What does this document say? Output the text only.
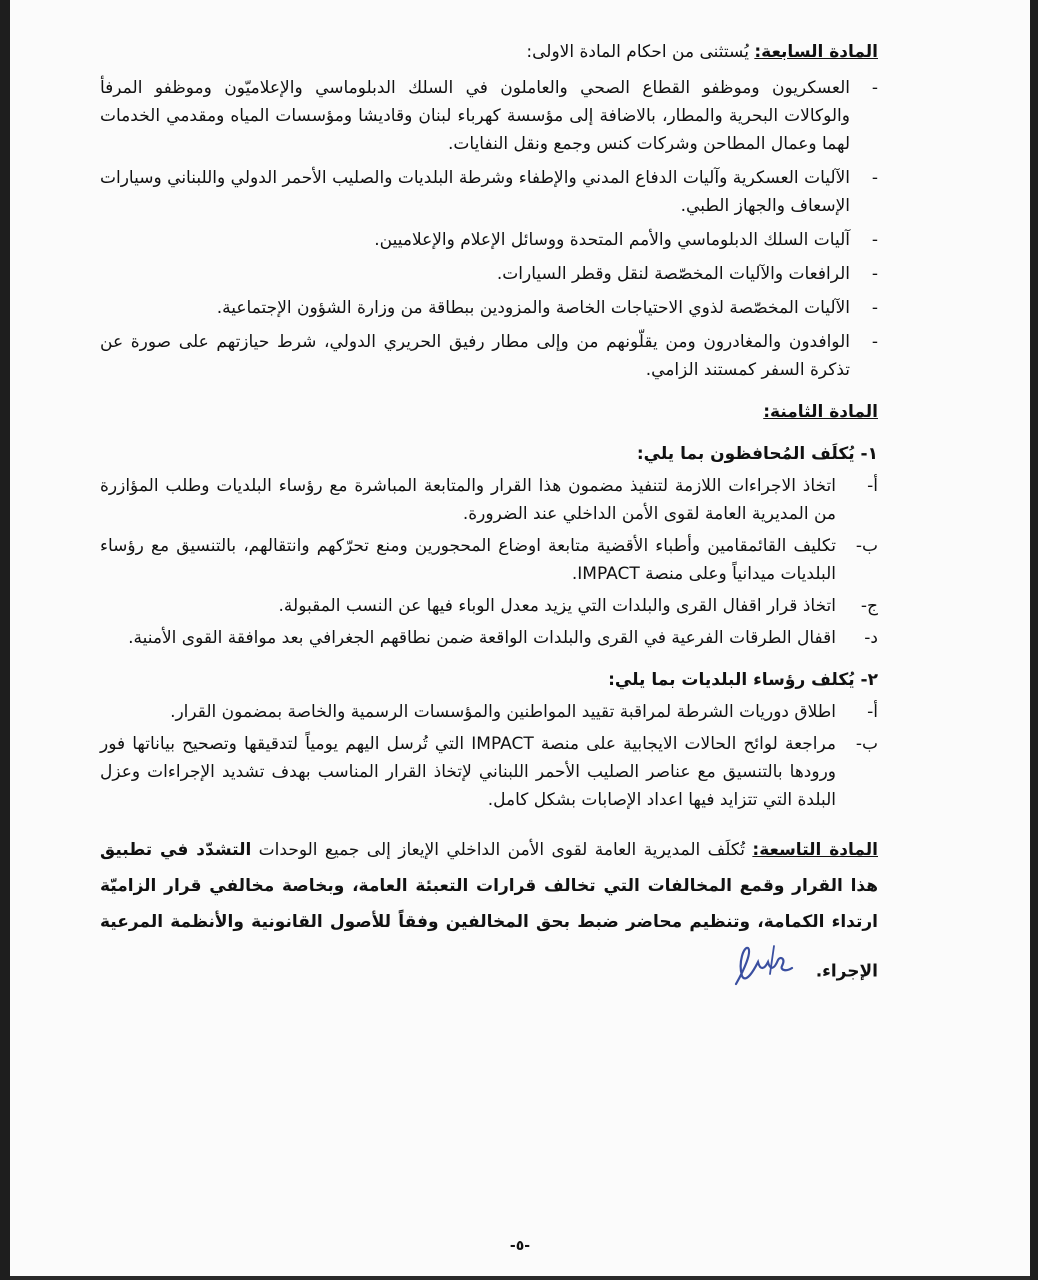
المادة السابعة: يُستثنى من احكام المادة الاولى:

-

العسكريون وموظفو القطاع الصحي والعاملون في السلك الدبلوماسي والإعلاميّون وموظفو المرفأ والوكالات البحرية والمطار، بالاضافة إلى مؤسسة كهرباء لبنان وقاديشا ومؤسسات المياه ومقدمي الخدمات لهما وعمال المطاحن وشركات كنس وجمع ونقل النفايات.

-

الآليات العسكرية وآليات الدفاع المدني والإطفاء وشرطة البلديات والصليب الأحمر الدولي واللبناني وسيارات الإسعاف والجهاز الطبي.

-

آليات السلك الدبلوماسي والأمم المتحدة ووسائل الإعلام والإعلاميين.

-

الرافعات والآليات المخصّصة لنقل وقطر السيارات.

-

الآليات المخصّصة لذوي الاحتياجات الخاصة والمزودين ببطاقة من وزارة الشؤون الإجتماعية.

-

الوافدون والمغادرون ومن يقلّونهم من وإلى مطار رفيق الحريري الدولي، شرط حيازتهم على صورة عن تذكرة السفر كمستند الزامي.

المادة الثامنة:

١- يُكلَف المُحافظون بما يلي:

أ-
اتخاذ الاجراءات اللازمة لتنفيذ مضمون هذا القرار والمتابعة المباشرة مع رؤساء البلديات وطلب المؤازرة من المديرية العامة لقوى الأمن الداخلي عند الضرورة.
ب-
تكليف القائمقامين وأطباء الأقضية متابعة اوضاع المحجورين ومنع تحرّكهم وانتقالهم، بالتنسيق مع رؤساء البلديات ميدانياً وعلى منصة IMPACT.
ج-
اتخاذ قرار اقفال القرى والبلدات التي يزيد معدل الوباء فيها عن النسب المقبولة.
د-
اقفال الطرقات الفرعية في القرى والبلدات الواقعة ضمن نطاقهم الجغرافي بعد موافقة القوى الأمنية.

٢- يُكلف رؤساء البلديات بما يلي:

أ-
اطلاق دوريات الشرطة لمراقبة تقييد المواطنين والمؤسسات الرسمية والخاصة بمضمون القرار.
ب-
مراجعة لوائح الحالات الايجابية على منصة IMPACT التي تُرسل اليهم يومياً لتدقيقها وتصحيح بياناتها فور ورودها بالتنسيق مع عناصر الصليب الأحمر اللبناني لإتخاذ القرار المناسب بهدف تشديد الإجراءات وعزل البلدة التي تتزايد فيها اعداد الإصابات بشكل كامل.

المادة التاسعة: تُكلَف المديرية العامة لقوى الأمن الداخلي الإيعاز إلى جميع الوحدات التشدّد في تطبيق هذا القرار وقمع المخالفات التي تخالف قرارات التعبئة العامة، وبخاصة مخالفي قرار الزاميّة ارتداء الكمامة، وتنظيم محاضر ضبط بحق المخالفين وفقاً للأصول القانونية والأنظمة المرعية الإجراء.

-٥-
